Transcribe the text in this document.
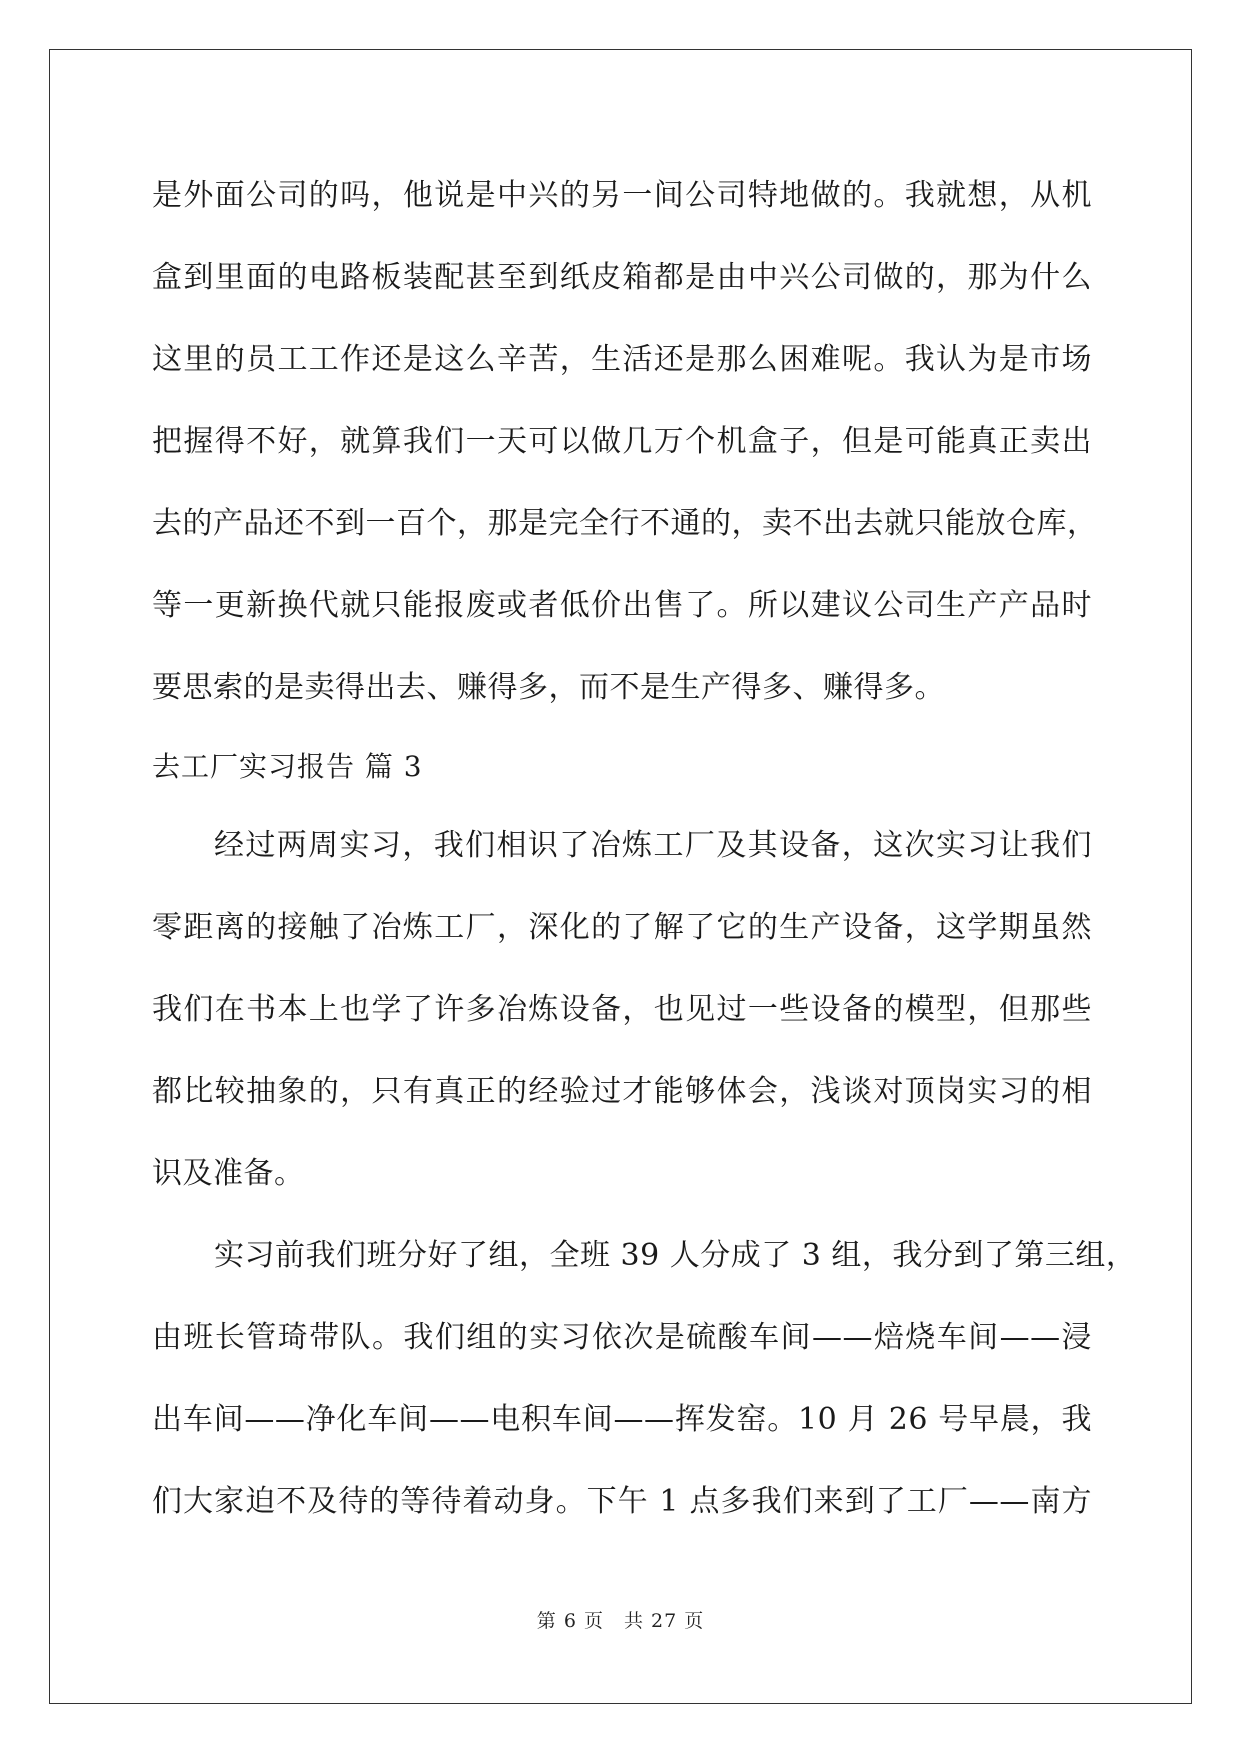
是外面公司的吗，他说是中兴的另一间公司特地做的。我就想，从机
盒到里面的电路板装配甚至到纸皮箱都是由中兴公司做的，那为什么
这里的员工工作还是这么辛苦，生活还是那么困难呢。我认为是市场
把握得不好，就算我们一天可以做几万个机盒子，但是可能真正卖出
去的产品还不到一百个，那是完全行不通的，卖不出去就只能放仓库，
等一更新换代就只能报废或者低价出售了。所以建议公司生产产品时
要思索的是卖得出去、赚得多，而不是生产得多、赚得多。
去工厂实习报告 篇 3
经过两周实习，我们相识了冶炼工厂及其设备，这次实习让我们
零距离的接触了冶炼工厂，深化的了解了它的生产设备，这学期虽然
我们在书本上也学了许多冶炼设备，也见过一些设备的模型，但那些
都比较抽象的，只有真正的经验过才能够体会，浅谈对顶岗实习的相
识及准备。
实习前我们班分好了组，全班 39 人分成了 3 组，我分到了第三组，
由班长管琦带队。我们组的实习依次是硫酸车间——焙烧车间——浸
出车间——净化车间——电积车间——挥发窑。10 月 26 号早晨，我
们大家迫不及待的等待着动身。下午 1 点多我们来到了工厂——南方
第 6 页　共 27 页
